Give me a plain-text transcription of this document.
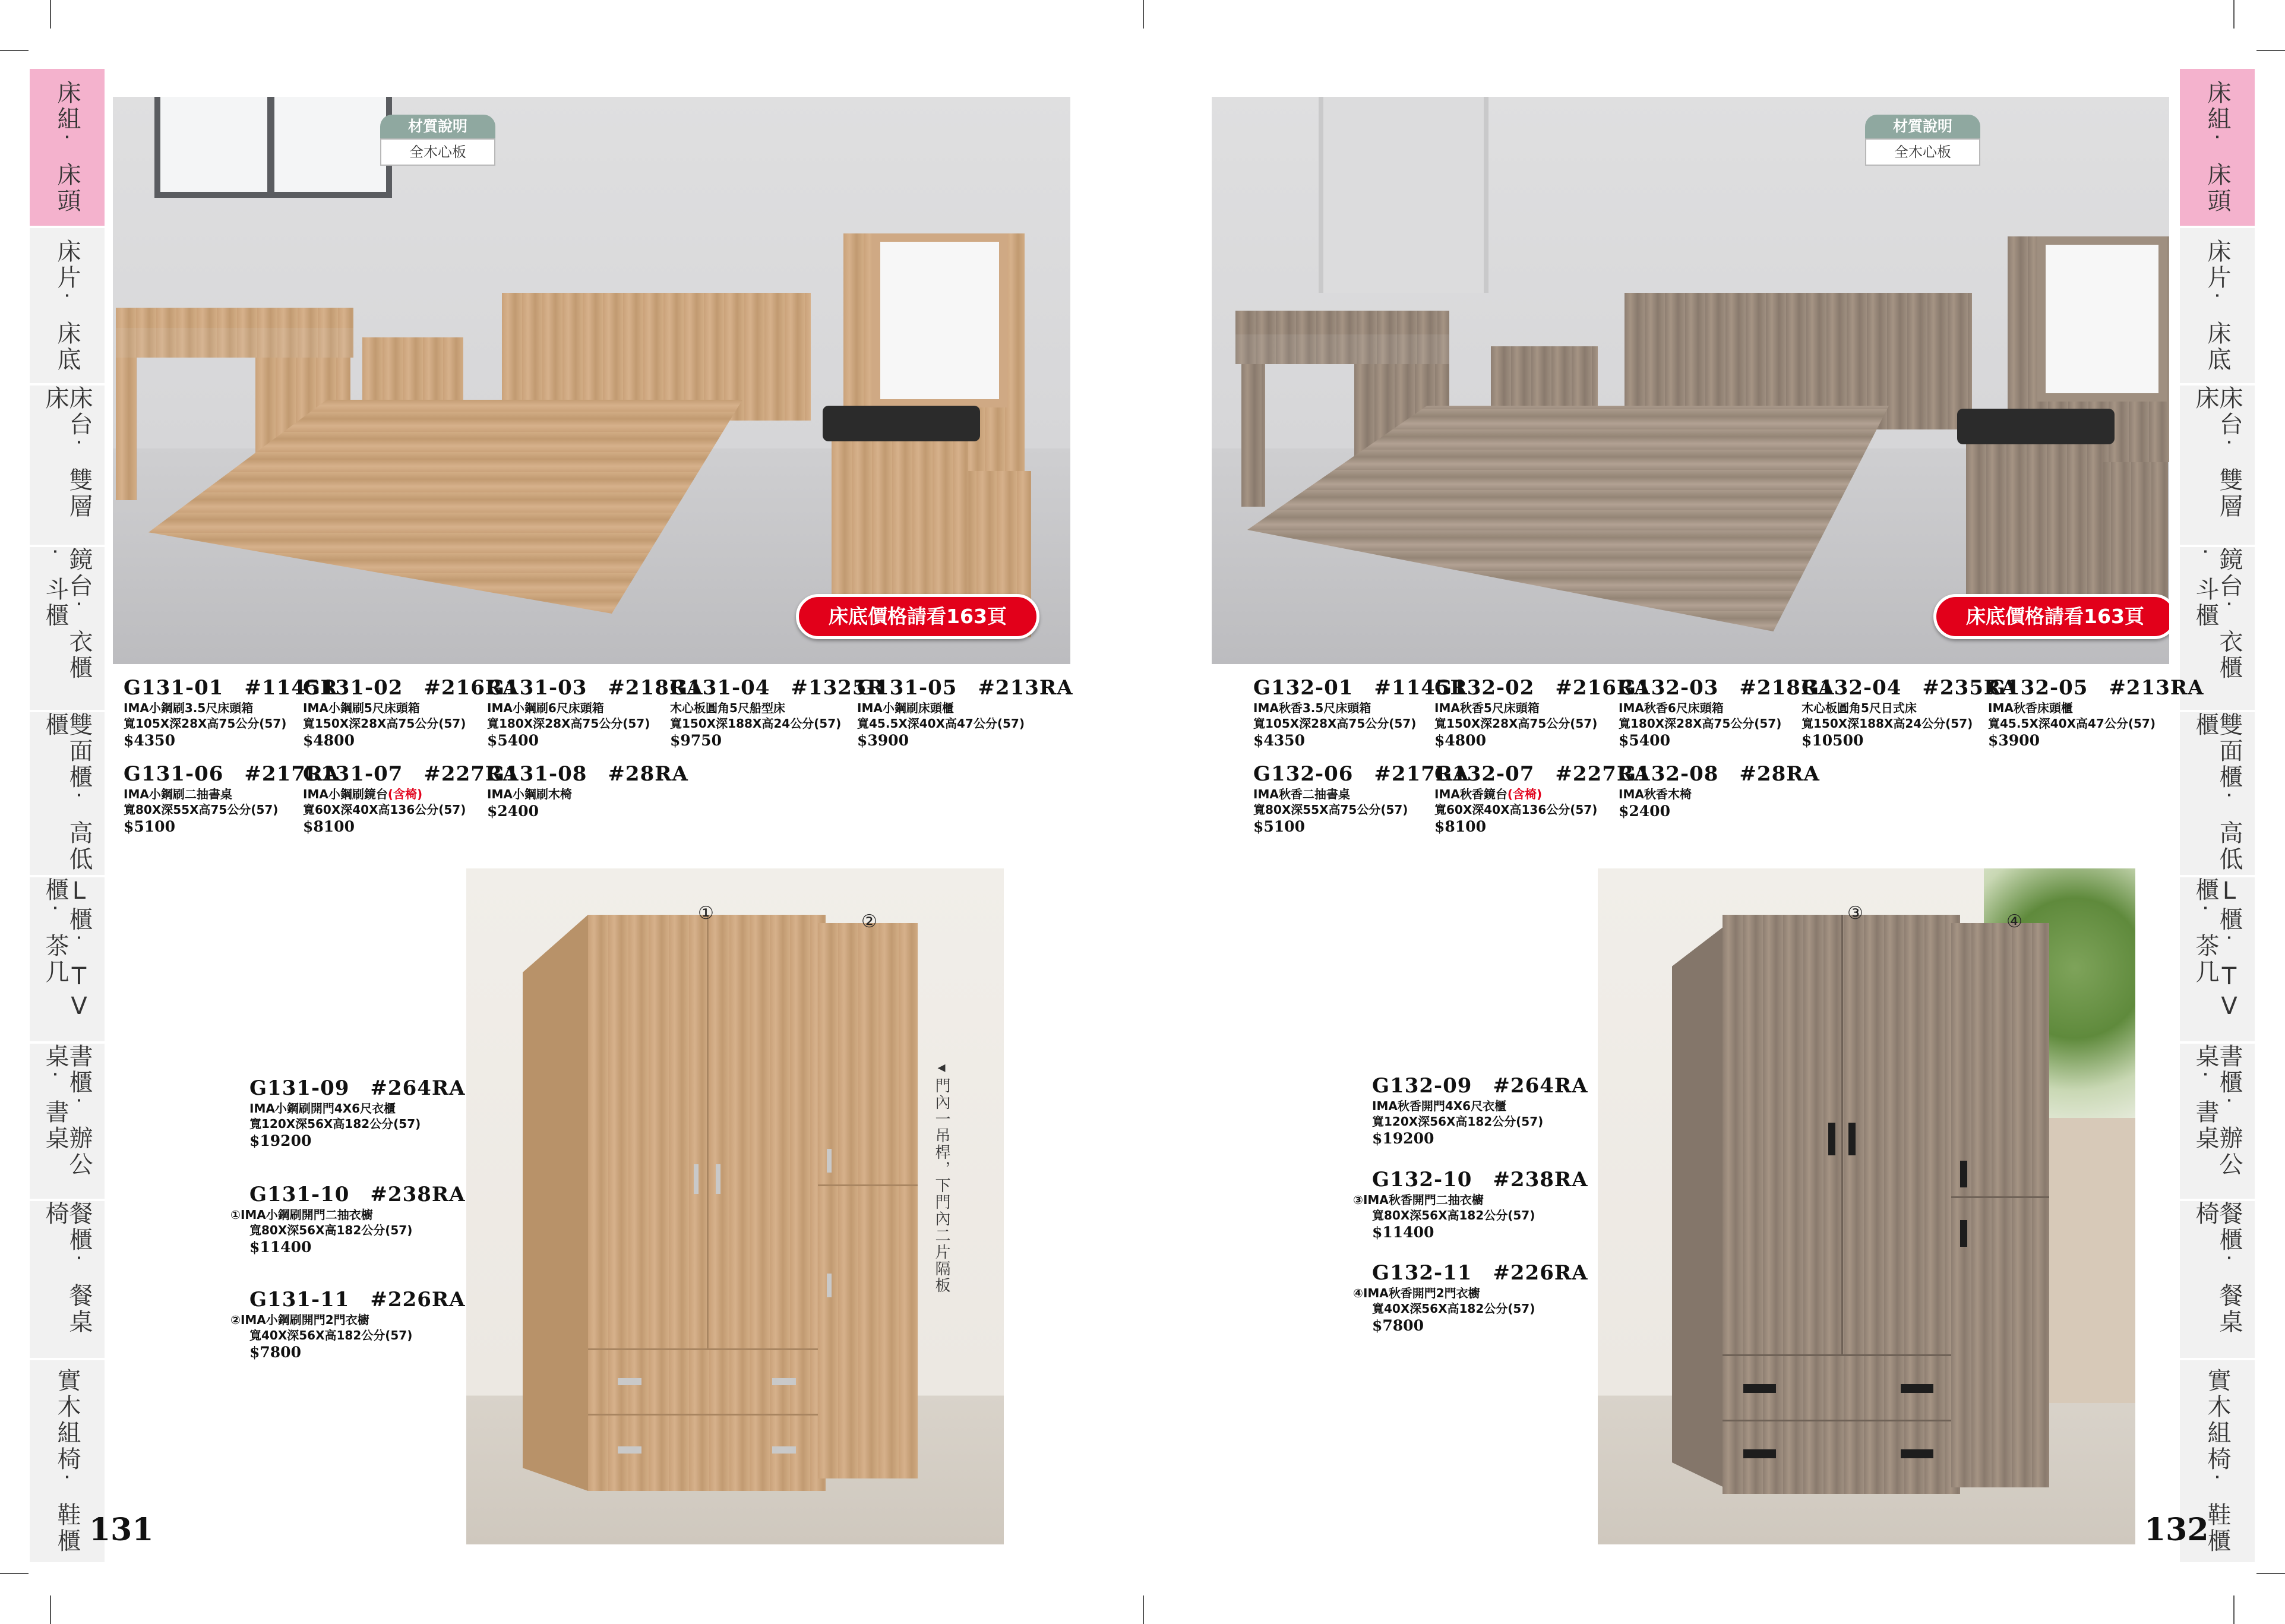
床組˙床頭
床片˙床底
床台˙雙層床
鏡台˙衣櫃˙斗櫃
雙面櫃˙高低櫃
L櫃˙TV櫃˙茶几
書櫃˙辦公桌˙書桌
餐櫃˙餐桌椅
實木組椅˙鞋櫃
床組˙床頭
床片˙床底
床台˙雙層床
鏡台˙衣櫃˙斗櫃
雙面櫃˙高低櫃
L櫃˙TV櫃˙茶几
書櫃˙辦公桌˙書桌
餐櫃˙餐桌椅
實木組椅˙鞋櫃
材質說明
全木心板
床底價格請看163頁
材質說明
全木心板
床底價格請看163頁
G131-01　#1145R
IMA小鋼刷3.5尺床頭箱
寬105X深28X高75公分(57)
$4350
G131-02　#216RA
IMA小鋼刷5尺床頭箱
寬150X深28X高75公分(57)
$4800
G131-03　#218RA
IMA小鋼刷6尺床頭箱
寬180X深28X高75公分(57)
$5400
G131-04　#1325R
木心板圓角5尺船型床
寬150X深188X高24公分(57)
$9750
G131-05　#213RA
IMA小鋼刷床頭櫃
寬45.5X深40X高47公分(57)
$3900
G131-06　#217RA
IMA小鋼刷二抽書桌
寬80X深55X高75公分(57)
$5100
G131-07　#227RA
IMA小鋼刷鏡台(含椅)
寬60X深40X高136公分(57)
$8100
G131-08　#28RA
IMA小鋼刷木椅
$2400
G132-01　#1145R
IMA秋香3.5尺床頭箱
寬105X深28X高75公分(57)
$4350
G132-02　#216RA
IMA秋香5尺床頭箱
寬150X深28X高75公分(57)
$4800
G132-03　#218RA
IMA秋香6尺床頭箱
寬180X深28X高75公分(57)
$5400
G132-04　#235RA
木心板圓角5尺日式床
寬150X深188X高24公分(57)
$10500
G132-05　#213RA
IMA秋香床頭櫃
寬45.5X深40X高47公分(57)
$3900
G132-06　#217RA
IMA秋香二抽書桌
寬80X深55X高75公分(57)
$5100
G132-07　#227RA
IMA秋香鏡台(含椅)
寬60X深40X高136公分(57)
$8100
G132-08　#28RA
IMA秋香木椅
$2400
①	②
◂門內一吊桿，下門內二片隔板
G131-09　#264RA
IMA小鋼刷開門4X6尺衣櫃
寬120X深56X高182公分(57)
$19200
G131-10　#238RA
①IMA小鋼刷開門二抽衣櫥
寬80X深56X高182公分(57)
$11400
G131-11　#226RA
②IMA小鋼刷開門2門衣櫥
寬40X深56X高182公分(57)
$7800
③	④
G132-09　#264RA
IMA秋香開門4X6尺衣櫃
寬120X深56X高182公分(57)
$19200
G132-10　#238RA
③IMA秋香開門二抽衣櫥
寬80X深56X高182公分(57)
$11400
G132-11　#226RA
④IMA秋香開門2門衣櫥
寬40X深56X高182公分(57)
$7800
131	132
